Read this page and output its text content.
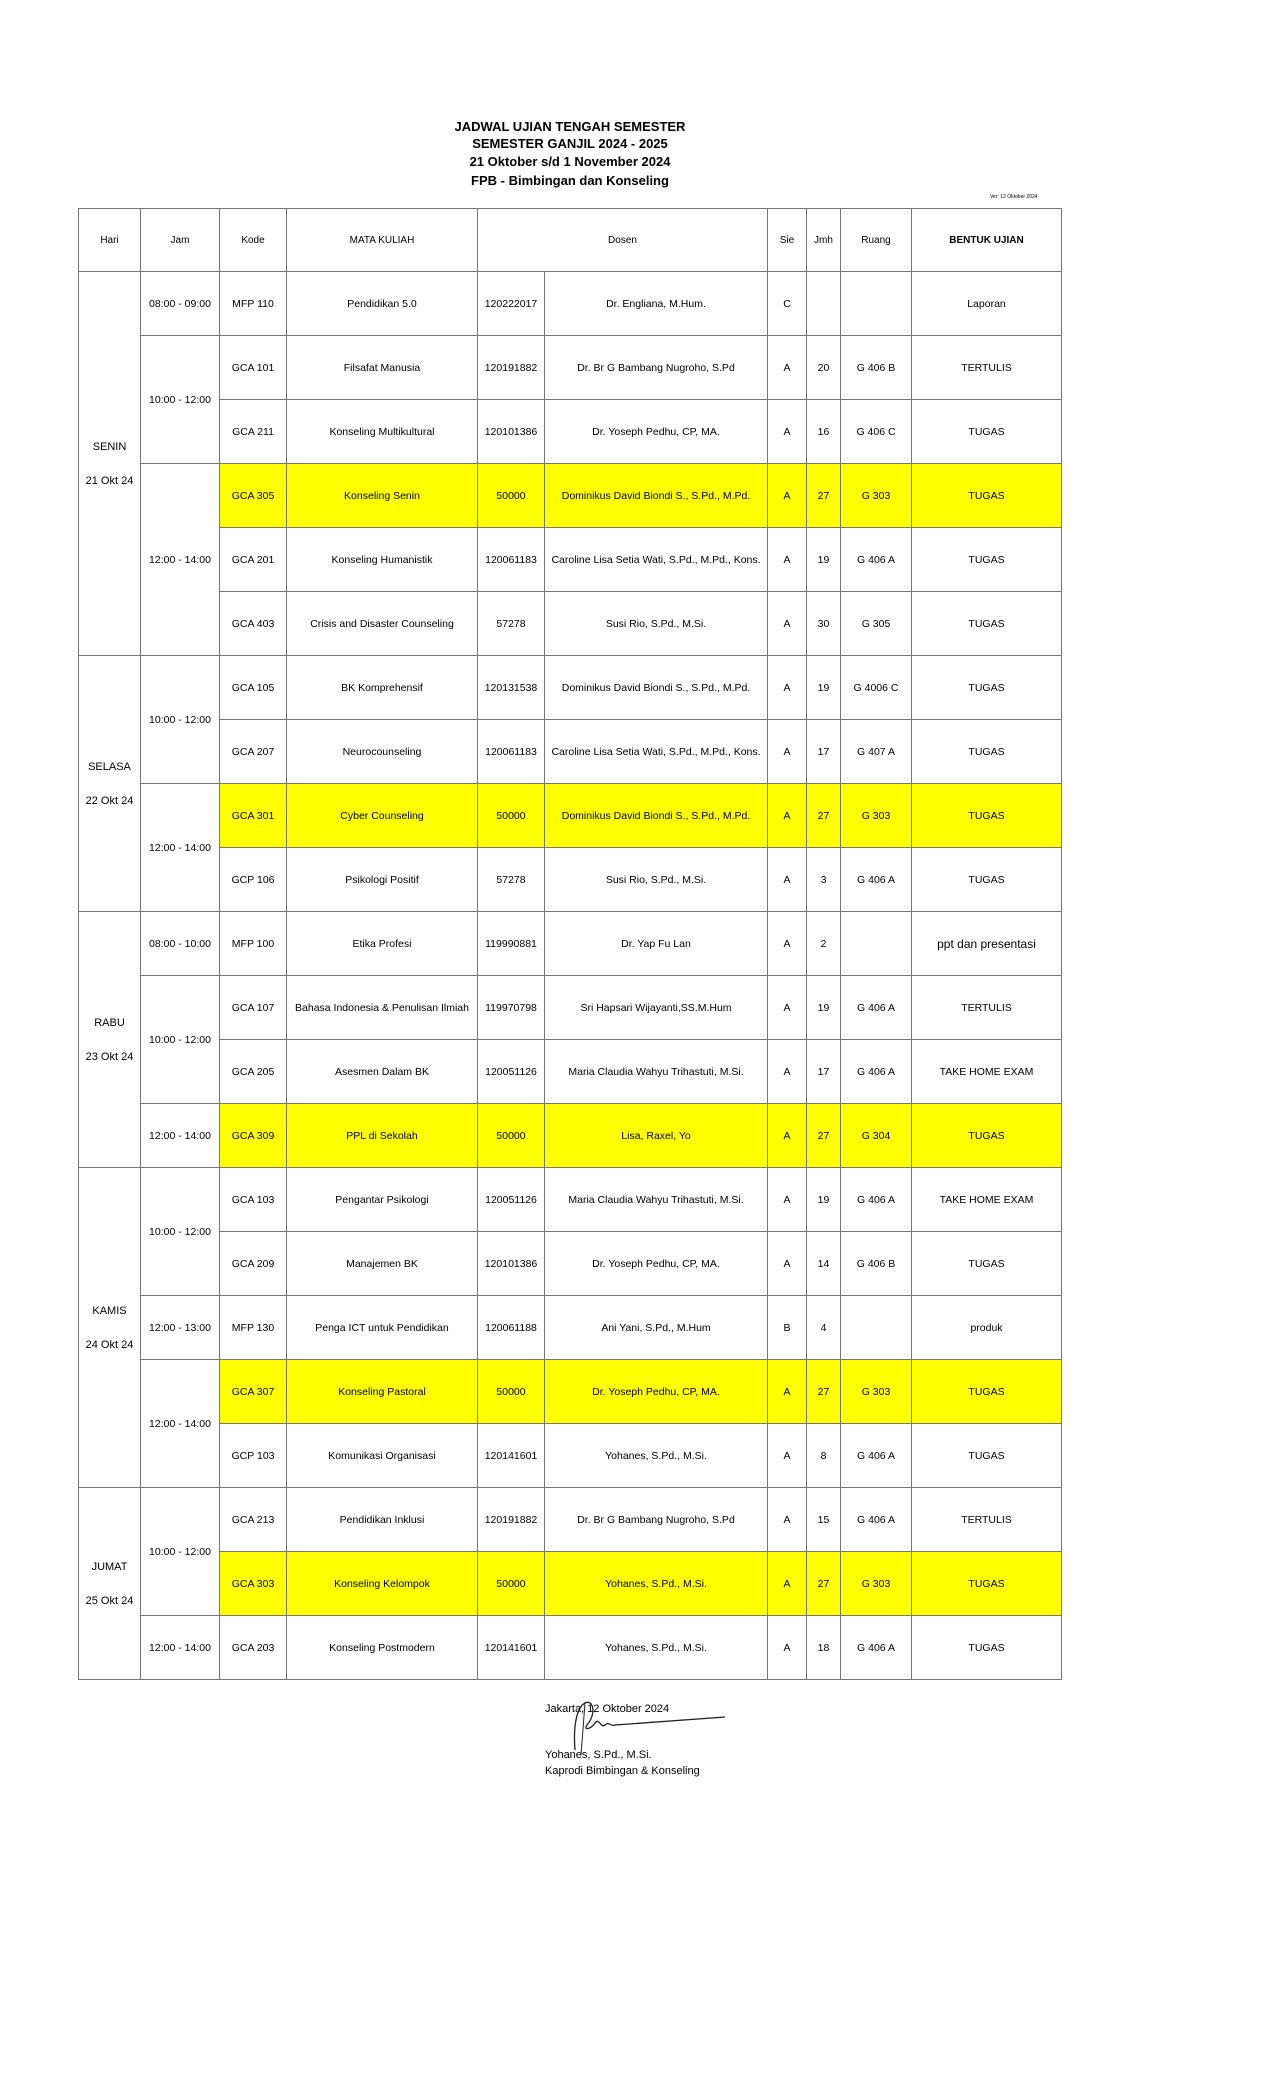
JADWAL UJIAN TENGAH SEMESTER
SEMESTER GANJIL 2024 - 2025
21 Oktober s/d 1 November 2024
FPB - Bimbingan dan Konseling
Ver: 12 Oktober 2024
Hari	Jam	Kode	MATA KULIAH	Dosen		Sie	Jmh	Ruang	BENTUK UJIAN
SENIN
21 Okt 24	08:00 - 09:00	MFP 110	Pendidikan 5.0	120222017	Dr. Engliana, M.Hum.	C			Laporan
	10:00 - 12:00	GCA 101	Filsafat Manusia	120191882	Dr. Br G Bambang Nugroho, S.Pd	A	20	G 406 B	TERTULIS
		GCA 211	Konseling Multikultural	120101386	Dr. Yoseph Pedhu, CP, MA.	A	16	G 406 C	TUGAS
	12:00 - 14:00	GCA 305	Konseling Senin	50000	Dominikus David Biondi S., S.Pd., M.Pd.	A	27	G 303	TUGAS
		GCA 201	Konseling Humanistik	120061183	Caroline Lisa Setia Wati, S.Pd., M.Pd., Kons.	A	19	G 406 A	TUGAS
		GCA 403	Crisis and Disaster Counseling	57278	Susi Rio, S.Pd., M.Si.	A	30	G 305	TUGAS
SELASA
22 Okt 24	10:00 - 12:00	GCA 105	BK Komprehensif	120131538	Dominikus David Biondi S., S.Pd., M.Pd.	A	19	G 4006 C	TUGAS
		GCA 207	Neurocounseling	120061183	Caroline Lisa Setia Wati, S.Pd., M.Pd., Kons.	A	17	G 407 A	TUGAS
	12:00 - 14:00	GCA 301	Cyber Counseling	50000	Dominikus David Biondi S., S.Pd., M.Pd.	A	27	G 303	TUGAS
		GCP 106	Psikologi Positif	57278	Susi Rio, S.Pd., M.Si.	A	3	G 406 A	TUGAS
RABU
23 Okt 24	08:00 - 10:00	MFP 100	Etika Profesi	119990881	Dr. Yap Fu Lan	A	2		ppt dan presentasi
	10:00 - 12:00	GCA 107	Bahasa Indonesia & Penulisan Ilmiah	119970798	Sri Hapsari Wijayanti,SS.M.Hum	A	19	G 406 A	TERTULIS
		GCA 205	Asesmen Dalam BK	120051126	Maria Claudia Wahyu Trihastuti, M.Si.	A	17	G 406 A	TAKE HOME EXAM
	12:00 - 14:00	GCA 309	PPL di Sekolah	50000	Lisa, Raxel, Yo	A	27	G 304	TUGAS
KAMIS
24 Okt 24	10:00 - 12:00	GCA 103	Pengantar Psikologi	120051126	Maria Claudia Wahyu Trihastuti, M.Si.	A	19	G 406 A	TAKE HOME EXAM
		GCA 209	Manajemen BK	120101386	Dr. Yoseph Pedhu, CP, MA.	A	14	G 406 B	TUGAS
	12:00 - 13:00	MFP 130	Penga ICT untuk Pendidikan	120061188	Ani Yani, S.Pd., M.Hum	B	4		produk
	12:00 - 14:00	GCA 307	Konseling Pastoral	50000	Dr. Yoseph Pedhu, CP, MA.	A	27	G 303	TUGAS
		GCP 103	Komunikasi Organisasi	120141601	Yohanes, S.Pd., M.Si.	A	8	G 406 A	TUGAS
JUMAT
25 Okt 24	10:00 - 12:00	GCA 213	Pendidikan Inklusi	120191882	Dr. Br G Bambang Nugroho, S.Pd	A	15	G 406 A	TERTULIS
		GCA 303	Konseling Kelompok	50000	Yohanes, S.Pd., M.Si.	A	27	G 303	TUGAS
	12:00 - 14:00	GCA 203	Konseling Postmodern	120141601	Yohanes, S.Pd., M.Si.	A	18	G 406 A	TUGAS
Jakarta, 12 Oktober 2024
Yohanes, S.Pd., M.Si.
Kaprodi Bimbingan & Konseling
